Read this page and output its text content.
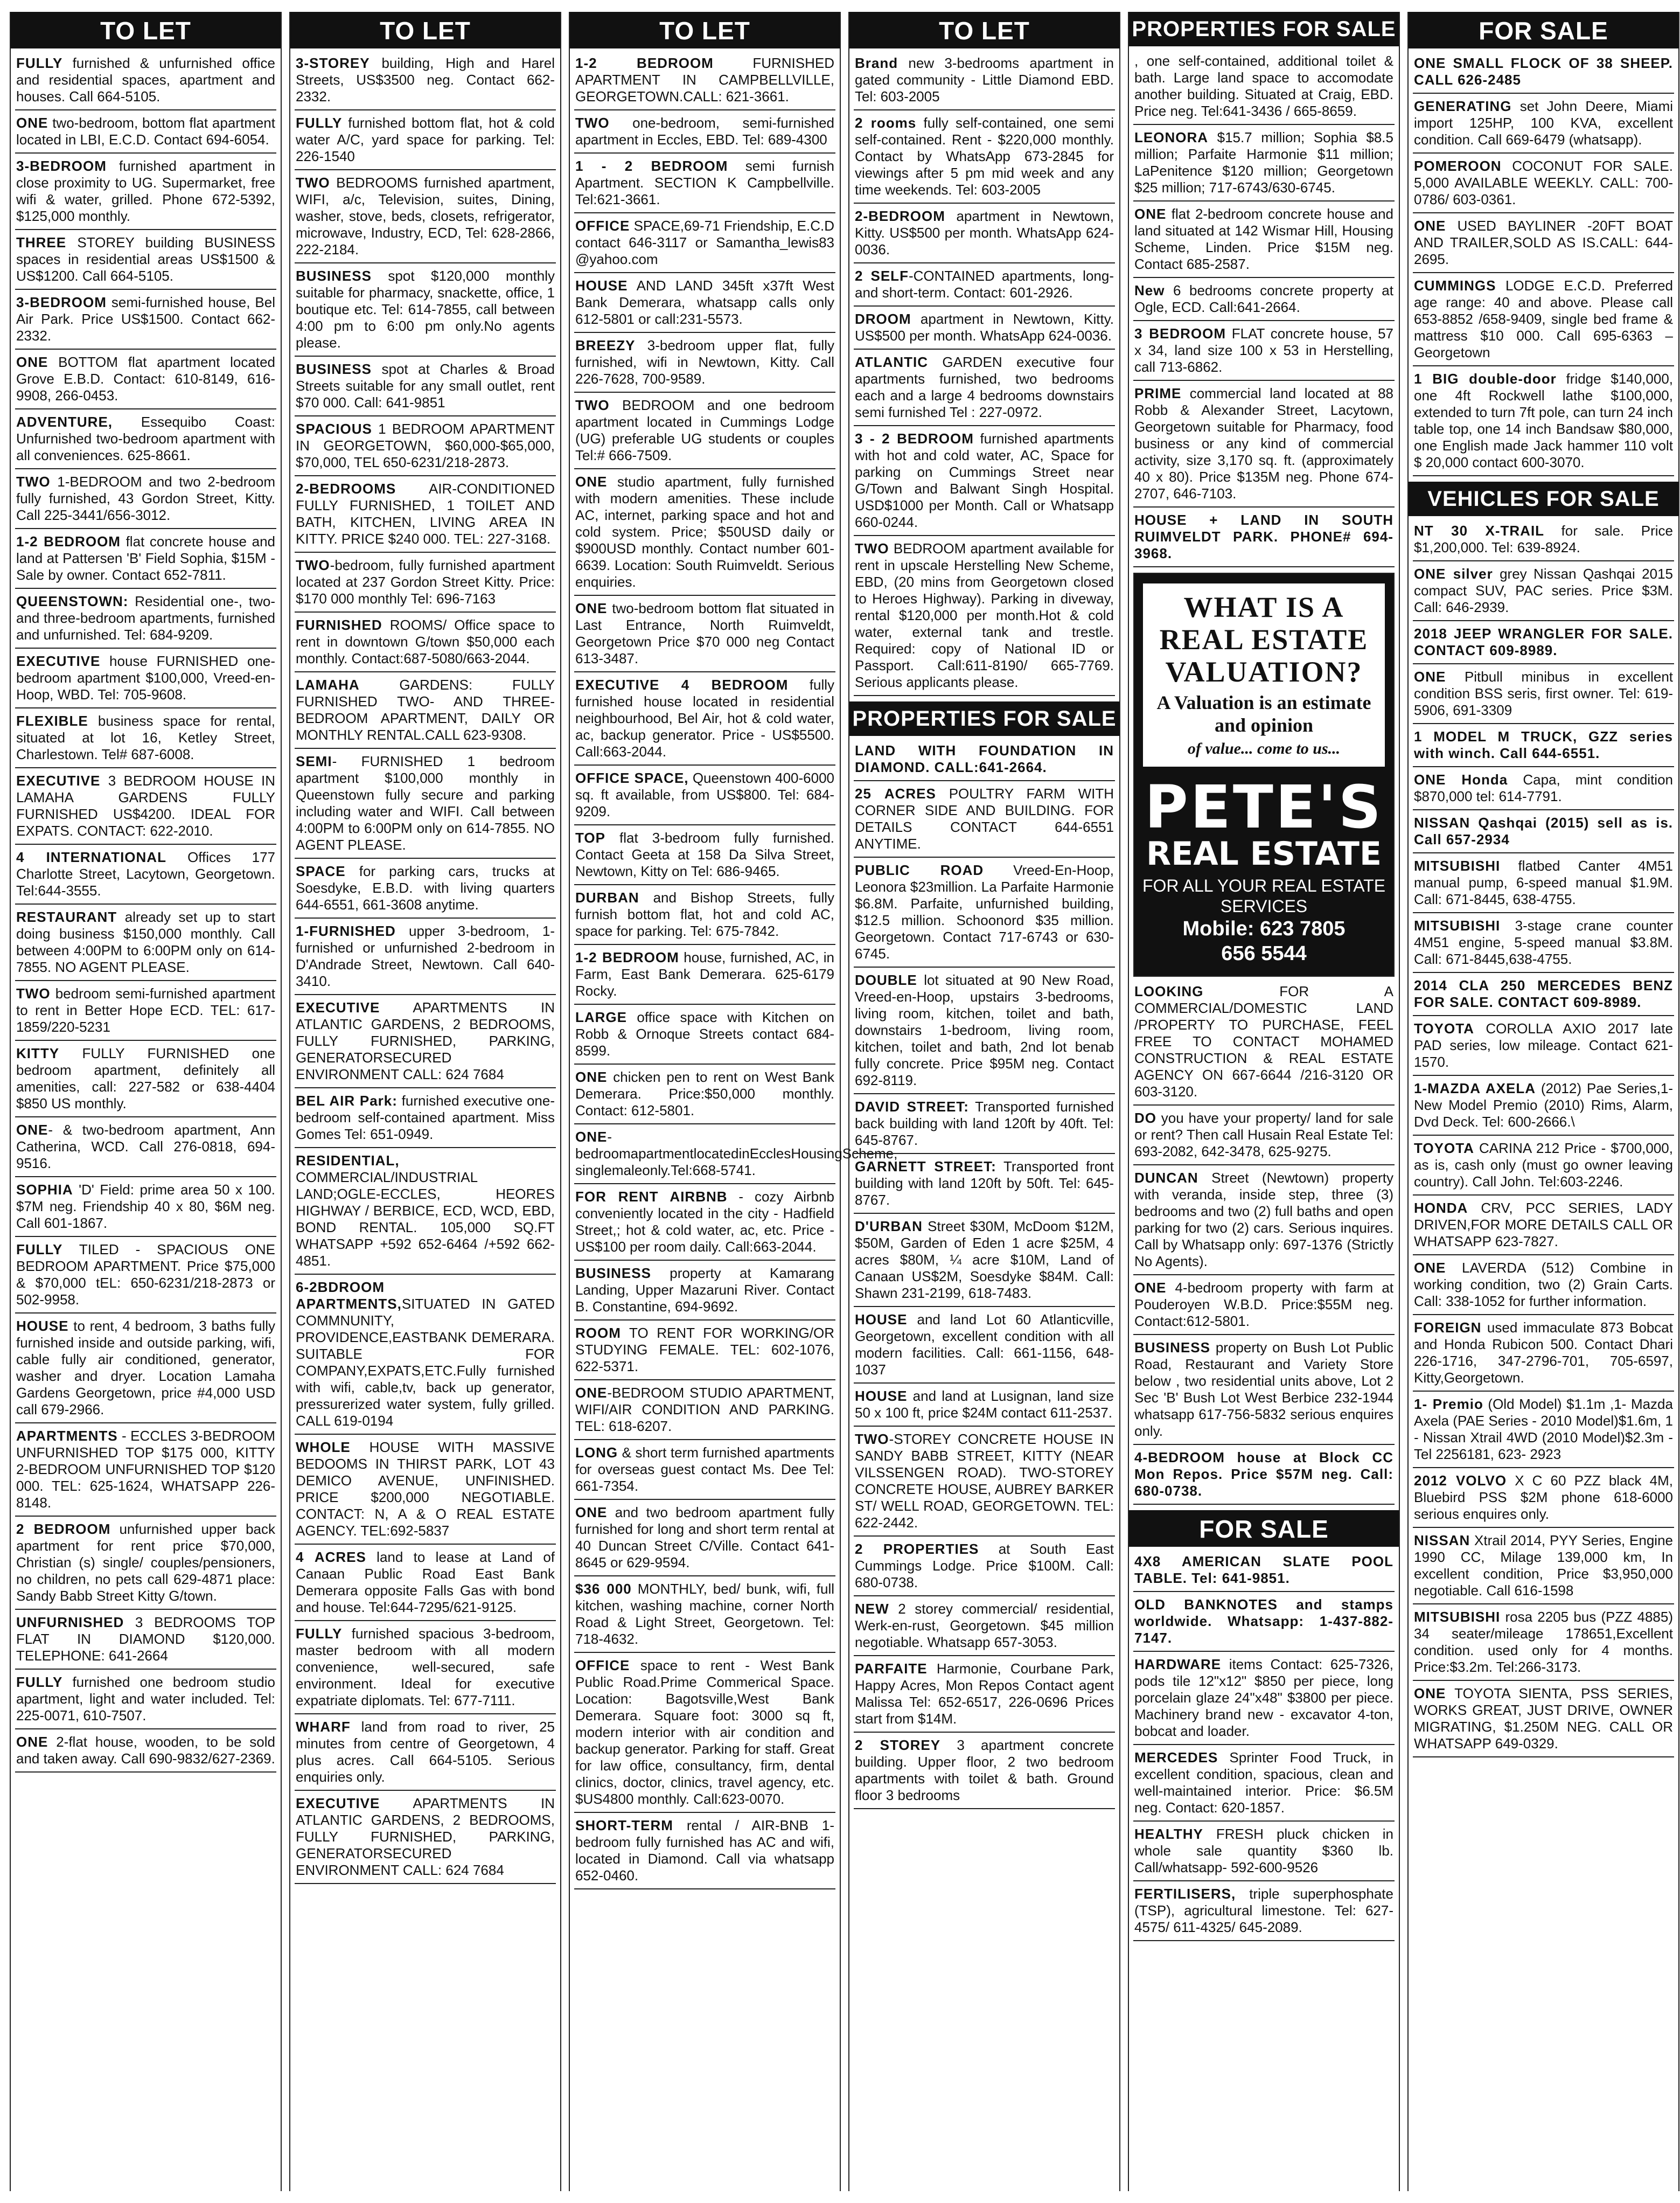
TO LET
FULLY furnished & unfurnished office and residential spaces, apartment and houses. Call 664-5105.
ONE two-bedroom, bottom flat apartment located in LBI, E.C.D. Contact 694-6054.
3-BEDROOM furnished apartment in close proximity to UG. Supermarket, free wifi & water, grilled. Phone 672-5392, $125,000 monthly.
THREE STOREY building BUSINESS spaces in residential areas US$1500 & US$1200. Call 664-5105.
3-BEDROOM semi-furnished house, Bel Air Park. Price US$1500. Contact 662-2332.
ONE BOTTOM flat apartment located Grove E.B.D. Contact: 610-8149, 616-9908, 266-0453.
ADVENTURE, Essequibo Coast: Unfurnished two-bedroom apartment with all conveniences. 625-8661.
TWO 1-BEDROOM and two 2-bedroom fully furnished, 43 Gordon Street, Kitty. Call 225-3441/656-3012.
1-2 BEDROOM flat concrete house and land at Pattersen 'B' Field Sophia, $15M - Sale by owner. Contact 652-7811.
QUEENSTOWN: Residential one-, two- and three-bedroom apartments, furnished and unfurnished. Tel: 684-9209.
EXECUTIVE house FURNISHED one-bedroom apartment $100,000, Vreed-en-Hoop, WBD. Tel: 705-9608.
FLEXIBLE business space for rental, situated at lot 16, Ketley Street, Charlestown. Tel# 687-6008.
EXECUTIVE 3 BEDROOM HOUSE IN LAMAHA GARDENS FULLY FURNISHED US$4200. IDEAL FOR EXPATS. CONTACT: 622-2010.
4 INTERNATIONAL Offices 177 Charlotte Street, Lacytown, Georgetown. Tel:644-3555.
RESTAURANT already set up to start doing business $150,000 monthly. Call between 4:00PM to 6:00PM only on 614-7855. NO AGENT PLEASE.
TWO bedroom semi-furnished apartment to rent in Better Hope ECD. TEL: 617-1859/220-5231
KITTY FULLY FURNISHED one bedroom apartment, definitely all amenities, call: 227-582 or 638-4404 $850 US monthly.
ONE- & two-bedroom apartment, Ann Catherina, WCD. Call 276-0818, 694-9516.
SOPHIA 'D' Field: prime area 50 x 100. $7M neg. Friendship 40 x 80, $6M neg. Call 601-1867.
FULLY TILED - SPACIOUS ONE BEDROOM APARTMENT. Price $75,000 & $70,000 tEL: 650-6231/218-2873 or 502-9958.
HOUSE to rent, 4 bedroom, 3 baths fully furnished inside and outside parking, wifi, cable fully air conditioned, generator, washer and dryer. Location Lamaha Gardens Georgetown, price #4,000 USD call 679-2966.
APARTMENTS - ECCLES 3-BEDROOM UNFURNISHED TOP $175 000, KITTY 2-BEDROOM UNFURNISHED TOP $120 000. TEL: 625-1624, WHATSAPP 226-8148.
2 BEDROOM unfurnished upper back apartment for rent price $70,000, Christian (s) single/ couples/pensioners, no children, no pets call 629-4871 place: Sandy Babb Street Kitty G/town.
UNFURNISHED 3 BEDROOMS TOP FLAT IN DIAMOND $120,000. TELEPHONE: 641-2664
FULLY furnished one bedroom studio apartment, light and water included. Tel: 225-0071, 610-7507.
ONE 2-flat house, wooden, to be sold and taken away. Call 690-9832/627-2369.
TO LET
3-STOREY building, High and Harel Streets, US$3500 neg. Contact 662-2332.
FULLY furnished bottom flat, hot & cold water A/C, yard space for parking. Tel: 226-1540
TWO BEDROOMS furnished apartment, WIFI, a/c, Television, suites, Dining, washer, stove, beds, closets, refrigerator, microwave, Industry, ECD, Tel: 628-2866, 222-2184.
BUSINESS spot $120,000 monthly suitable for pharmacy, snackette, office, 1 boutique etc. Tel: 614-7855, call between 4:00 pm to 6:00 pm only.No agents please.
BUSINESS spot at Charles & Broad Streets suitable for any small outlet, rent $70 000. Call: 641-9851
SPACIOUS 1 BEDROOM APARTMENT IN GEORGETOWN, $60,000-$65,000, $70,000, TEL 650-6231/218-2873.
2-BEDROOMS AIR-CONDITIONED FULLY FURNISHED, 1 TOILET AND BATH, KITCHEN, LIVING AREA IN KITTY. PRICE $240 000. TEL: 227-3168.
TWO-bedroom, fully furnished apartment located at 237 Gordon Street Kitty. Price: $170 000 monthly Tel: 696-7163
FURNISHED ROOMS/ Office space to rent in downtown G/town $50,000 each monthly. Contact:687-5080/663-2044.
LAMAHA GARDENS: FULLY FURNISHED TWO- AND THREE-BEDROOM APARTMENT, DAILY OR MONTHLY RENTAL.CALL 623-9308.
SEMI- FURNISHED 1 bedroom apartment $100,000 monthly in Queenstown fully secure and parking including water and WIFI. Call between 4:00PM to 6:00PM only on 614-7855. NO AGENT PLEASE.
SPACE for parking cars, trucks at Soesdyke, E.B.D. with living quarters 644-6551, 661-3608 anytime.
1-FURNISHED upper 3-bedroom, 1-furnished or unfurnished 2-bedroom in D'Andrade Street, Newtown. Call 640-3410.
EXECUTIVE APARTMENTS IN ATLANTIC GARDENS, 2 BEDROOMS, FULLY FURNISHED, PARKING, GENERATORSECURED ENVIRONMENT CALL: 624 7684
BEL AIR Park: furnished executive one-bedroom self-contained apartment. Miss Gomes Tel: 651-0949.
RESIDENTIAL, COMMERCIAL/INDUSTRIAL LAND;OGLE-ECCLES, HEORES HIGHWAY / BERBICE, ECD, WCD, EBD, BOND RENTAL. 105,000 SQ.FT WHATSAPP +592 652-6464 /+592 662-4851.
6-2BDROOM APARTMENTS,SITUATED IN GATED COMMNUNITY, PROVIDENCE,EASTBANK DEMERARA. SUITABLE FOR COMPANY,EXPATS,ETC.Fully furnished with wifi, cable,tv, back up generator, pressurerized water system, fully grilled. CALL 619-0194
WHOLE HOUSE WITH MASSIVE BEDOOMS IN THIRST PARK, LOT 43 DEMICO AVENUE, UNFINISHED. PRICE $200,000 NEGOTIABLE. CONTACT: N, A & O REAL ESTATE AGENCY. TEL:692-5837
4 ACRES land to lease at Land of Canaan Public Road East Bank Demerara opposite Falls Gas with bond and house. Tel:644-7295/621-9125.
FULLY furnished spacious 3-bedroom, master bedroom with all modern convenience, well-secured, safe environment. Ideal for executive expatriate diplomats. Tel: 677-7111.
WHARF land from road to river, 25 minutes from centre of Georgetown, 4 plus acres. Call 664-5105. Serious enquiries only.
EXECUTIVE APARTMENTS IN ATLANTIC GARDENS, 2 BEDROOMS, FULLY FURNISHED, PARKING, GENERATORSECURED ENVIRONMENT CALL: 624 7684
TO LET
1-2 BEDROOM FURNISHED APARTMENT IN CAMPBELLVILLE, GEORGETOWN.CALL: 621-3661.
TWO one-bedroom, semi-furnished apartment in Eccles, EBD. Tel: 689-4300
1 - 2 BEDROOM semi furnish Apartment. SECTION K Campbellville. Tel:621-3661.
OFFICE SPACE,69-71 Friendship, E.C.D contact 646-3117 or Samantha_lewis83 @yahoo.com
HOUSE AND LAND 345ft x37ft West Bank Demerara, whatsapp calls only 612-5801 or call:231-5573.
BREEZY 3-bedroom upper flat, fully furnished, wifi in Newtown, Kitty. Call 226-7628, 700-9589.
TWO BEDROOM and one bedroom apartment located in Cummings Lodge (UG) preferable UG students or couples Tel:# 666-7509.
ONE studio apartment, fully furnished with modern amenities. These include AC, internet, parking space and hot and cold system. Price; $50USD daily or $900USD monthly. Contact number 601-6639. Location: South Ruimveldt. Serious enquiries.
ONE two-bedroom bottom flat situated in Last Entrance, North Ruimveldt, Georgetown Price $70 000 neg Contact 613-3487.
EXECUTIVE 4 BEDROOM fully furnished house located in residential neighbourhood, Bel Air, hot & cold water, ac, backup generator. Price - US$5500. Call:663-2044.
OFFICE SPACE, Queenstown 400-6000 sq. ft available, from US$800. Tel: 684-9209.
TOP flat 3-bedroom fully furnished. Contact Geeta at 158 Da Silva Street, Newtown, Kitty on Tel: 686-9465.
DURBAN and Bishop Streets, fully furnish bottom flat, hot and cold AC, space for parking. Tel: 675-7842.
1-2 BEDROOM house, furnished, AC, in Farm, East Bank Demerara. 625-6179 Rocky.
LARGE office space with Kitchen on Robb & Ornoque Streets contact 684-8599.
ONE chicken pen to rent on West Bank Demerara. Price:$50,000 monthly. Contact: 612-5801.
ONE-bedroomapartmentlocatedinEcclesHousingScheme, singlemaleonly.Tel:668-5741.
FOR RENT AIRBNB - cozy Airbnb conveniently located in the city - Hadfield Street,; hot & cold water, ac, etc. Price - US$100 per room daily. Call:663-2044.
BUSINESS property at Kamarang Landing, Upper Mazaruni River. Contact B. Constantine, 694-9692.
ROOM TO RENT FOR WORKING/OR STUDYING FEMALE. TEL: 602-1076, 622-5371.
ONE-BEDROOM STUDIO APARTMENT, WIFI/AIR CONDITION AND PARKING. TEL: 618-6207.
LONG & short term furnished apartments for overseas guest contact Ms. Dee Tel: 661-7354.
ONE and two bedroom apartment fully furnished for long and short term rental at 40 Duncan Street C/Ville. Contact 641-8645 or 629-9594.
$36 000 MONTHLY, bed/ bunk, wifi, full kitchen, washing machine, corner North Road & Light Street, Georgetown. Tel: 718-4632.
OFFICE space to rent - West Bank Public Road.Prime Commerical Space. Location: Bagotsville,West Bank Demerara. Square foot: 3000 sq ft, modern interior with air condition and backup generator. Parking for staff. Great for law office, consultancy, firm, dental clinics, doctor, clinics, travel agency, etc. $US4800 monthly. Call:623-0070.
SHORT-TERM rental / AIR-BNB 1-bedroom fully furnished has AC and wifi, located in Diamond. Call via whatsapp 652-0460.
TO LET
Brand new 3-bedrooms apartment in gated community - Little Diamond EBD. Tel: 603-2005
2 rooms fully self-contained, one semi self-contained. Rent - $220,000 monthly. Contact by WhatsApp 673-2845 for viewings after 5 pm mid week and any time weekends. Tel: 603-2005
2-BEDROOM apartment in Newtown, Kitty. US$500 per month. WhatsApp 624-0036.
2 SELF-CONTAINED apartments, long- and short-term. Contact: 601-2926.
DROOM apartment in Newtown, Kitty. US$500 per month. WhatsApp 624-0036.
ATLANTIC GARDEN executive four apartments furnished, two bedrooms each and a large 4 bedrooms downstairs semi furnished Tel : 227-0972.
3 - 2 BEDROOM furnished apartments with hot and cold water, AC, Space for parking on Cummings Street near G/Town and Balwant Singh Hospital. USD$1000 per Month. Call or Whatsapp 660-0244.
TWO BEDROOM apartment available for rent in upscale Herstelling New Scheme, EBD, (20 mins from Georgetown closed to Heroes Highway). Parking in diveway, rental $120,000 per month.Hot & cold water, external tank and trestle. Required: copy of National ID or Passport. Call:611-8190/ 665-7769. Serious applicants please.
PROPERTIES FOR SALE
LAND WITH FOUNDATION IN DIAMOND. CALL:641-2664.
25 ACRES POULTRY FARM WITH CORNER SIDE AND BUILDING. FOR DETAILS CONTACT 644-6551 ANYTIME.
PUBLIC ROAD Vreed-En-Hoop, Leonora $23million. La Parfaite Harmonie $6.8M. Parfaite, unfurnished building, $12.5 million. Schoonord $35 million. Georgetown. Contact 717-6743 or 630-6745.
DOUBLE lot situated at 90 New Road, Vreed-en-Hoop, upstairs 3-bedrooms, living room, kitchen, toilet and bath, downstairs 1-bedroom, living room, kitchen, toilet and bath, 2nd lot benab fully concrete. Price $95M neg. Contact 692-8119.
DAVID STREET: Transported furnished back building with land 120ft by 40ft. Tel: 645-8767.
GARNETT STREET: Transported front building with land 120ft by 50ft. Tel: 645-8767.
D'URBAN Street $30M, McDoom $12M, $50M, Garden of Eden 1 acre $25M, 4 acres $80M, ¼ acre $10M, Land of Canaan US$2M, Soesdyke $84M. Call: Shawn 231-2199, 618-7483.
HOUSE and land Lot 60 Atlanticville, Georgetown, excellent condition with all modern facilities. Call: 661-1156, 648-1037
HOUSE and land at Lusignan, land size 50 x 100 ft, price $24M contact 611-2537.
TWO-STOREY CONCRETE HOUSE IN SANDY BABB STREET, KITTY (NEAR VILSSENGEN ROAD). TWO-STOREY CONCRETE HOUSE, AUBREY BARKER ST/ WELL ROAD, GEORGETOWN. TEL: 622-2442.
2 PROPERTIES at South East Cummings Lodge. Price $100M. Call: 680-0738.
NEW 2 storey commercial/ residential, Werk-en-rust, Georgetown. $45 million negotiable. Whatsapp 657-3053.
PARFAITE Harmonie, Courbane Park, Happy Acres, Mon Repos Contact agent Malissa Tel: 652-6517, 226-0696 Prices start from $14M.
2 STOREY 3 apartment concrete building. Upper floor, 2 two bedroom apartments with toilet & bath. Ground floor 3 bedrooms
PROPERTIES FOR SALE
, one self-contained, additional toilet & bath. Large land space to accomodate another building. Situated at Craig, EBD. Price neg. Tel:641-3436 / 665-8659.
LEONORA $15.7 million; Sophia $8.5 million; Parfaite Harmonie $11 million; LaPenitence $120 million; Georgetown $25 million; 717-6743/630-6745.
ONE flat 2-bedroom concrete house and land situated at 142 Wismar Hill, Housing Scheme, Linden. Price $15M neg. Contact 685-2587.
New 6 bedrooms concrete property at Ogle, ECD. Call:641-2664.
3 BEDROOM FLAT concrete house, 57 x 34, land size 100 x 53 in Herstelling, call 713-6862.
PRIME commercial land located at 88 Robb & Alexander Street, Lacytown, Georgetown suitable for Pharmacy, food business or any kind of commercial activity, size 3,170 sq. ft. (approximately 40 x 80). Price $135M neg. Phone 674-2707, 646-7103.
HOUSE + LAND IN SOUTH RUIMVELDT PARK. PHONE# 694-3968.
WHAT IS A REAL ESTATE VALUATION?
A Valuation is an estimate and opinion
of value... come to us...
PETE'S
REAL ESTATE
FOR ALL YOUR REAL ESTATE SERVICES
Mobile: 623 7805
656 5544
LOOKING FOR A COMMERCIAL/DOMESTIC LAND /PROPERTY TO PURCHASE, FEEL FREE TO CONTACT MOHAMED CONSTRUCTION & REAL ESTATE AGENCY ON 667-6644 /216-3120 OR 603-3120.
DO you have your property/ land for sale or rent? Then call Husain Real Estate Tel: 693-2082, 642-3478, 625-9275.
DUNCAN Street (Newtown) property with veranda, inside step, three (3) bedrooms and two (2) full baths and open parking for two (2) cars. Serious inquires. Call by Whatsapp only: 697-1376 (Strictly No Agents).
ONE 4-bedroom property with farm at Pouderoyen W.B.D. Price:$55M neg. Contact:612-5801.
BUSINESS property on Bush Lot Public Road, Restaurant and Variety Store below , two residential units above, Lot 2 Sec 'B' Bush Lot West Berbice 232-1944 whatsapp 617-756-5832 serious enquires only.
4-BEDROOM house at Block CC Mon Repos. Price $57M neg. Call: 680-0738.
FOR SALE
4X8 AMERICAN SLATE POOL TABLE. Tel: 641-9851.
OLD BANKNOTES and stamps worldwide. Whatsapp: 1-437-882-7147.
HARDWARE items Contact: 625-7326, pods tile 12"x12" $850 per piece, long porcelain glaze 24"x48" $3800 per piece. Machinery brand new - excavator 4-ton, bobcat and loader.
MERCEDES Sprinter Food Truck, in excellent condition, spacious, clean and well-maintained interior. Price: $6.5M neg. Contact: 620-1857.
HEALTHY FRESH pluck chicken in whole sale quantity $360 lb. Call/whatsapp- 592-600-9526
FERTILISERS, triple superphosphate (TSP), agricultural limestone. Tel: 627-4575/ 611-4325/ 645-2089.
FOR SALE
ONE SMALL FLOCK OF 38 SHEEP. CALL 626-2485
GENERATING set John Deere, Miami import 125HP, 100 KVA, excellent condition. Call 669-6479 (whatsapp).
POMEROON COCONUT FOR SALE. 5,000 AVAILABLE WEEKLY. CALL: 700-0786/ 603-0361.
ONE USED BAYLINER -20FT BOAT AND TRAILER,SOLD AS IS.CALL: 644-2695.
CUMMINGS LODGE E.C.D. Preferred age range: 40 and above. Please call 653-8852 /658-9409, single bed frame & mattress $10 000. Call 695-6363 – Georgetown
1 BIG double-door fridge $140,000, one 4ft Rockwell lathe $100,000, extended to turn 7ft pole, can turn 24 inch table top, one 14 inch Bandsaw $80,000, one English made Jack hammer 110 volt $ 20,000 contact 600-3070.
VEHICLES FOR SALE
NT 30 X-TRAIL for sale. Price $1,200,000. Tel: 639-8924.
ONE silver grey Nissan Qashqai 2015 compact SUV, PAC series. Price $3M. Call: 646-2939.
2018 JEEP WRANGLER FOR SALE. CONTACT 609-8989.
ONE Pitbull minibus in excellent condition BSS seris, first owner. Tel: 619-5906, 691-3309
1 MODEL M TRUCK, GZZ series with winch. Call 644-6551.
ONE Honda Capa, mint condition $870,000 tel: 614-7791.
NISSAN Qashqai (2015) sell as is. Call 657-2934
MITSUBISHI flatbed Canter 4M51 manual pump, 6-speed manual $1.9M. Call: 671-8445, 638-4755.
MITSUBISHI 3-stage crane counter 4M51 engine, 5-speed manual $3.8M. Call: 671-8445,638-4755.
2014 CLA 250 MERCEDES BENZ FOR SALE. CONTACT 609-8989.
TOYOTA COROLLA AXIO 2017 late PAD series, low mileage. Contact 621-1570.
1-MAZDA AXELA (2012) Pae Series,1- New Model Premio (2010) Rims, Alarm, Dvd Deck. Tel: 600-2666.\
TOYOTA CARINA 212 Price - $700,000, as is, cash only (must go owner leaving country). Call John. Tel:603-2246.
HONDA CRV, PCC SERIES, LADY DRIVEN,FOR MORE DETAILS CALL OR WHATSAPP 623-7827.
ONE LAVERDA (512) Combine in working condition, two (2) Grain Carts. Call: 338-1052 for further information.
FOREIGN used immaculate 873 Bobcat and Honda Rubicon 500. Contact Dhari 226-1716, 347-2796-701, 705-6597, Kitty,Georgetown.
1- Premio (Old Model) $1.1m ,1- Mazda Axela (PAE Series - 2010 Model)$1.6m, 1 - Nissan Xtrail 4WD (2010 Model)$2.3m - Tel 2256181, 623- 2923
2012 VOLVO X C 60 PZZ black 4M, Bluebird PSS $2M phone 618-6000 serious enquires only.
NISSAN Xtrail 2014, PYY Series, Engine 1990 CC, Milage 139,000 km, In excellent condition, Price $3,950,000 negotiable. Call 616-1598
MITSUBISHI rosa 2205 bus (PZZ 4885) 34 seater/mileage 178651,Excellent condition. used only for 4 months. Price:$3.2m. Tel:266-3173.
ONE TOYOTA SIENTA, PSS SERIES, WORKS GREAT, JUST DRIVE, OWNER MIGRATING, $1.250M NEG. CALL OR WHATSAPP 649-0329.
